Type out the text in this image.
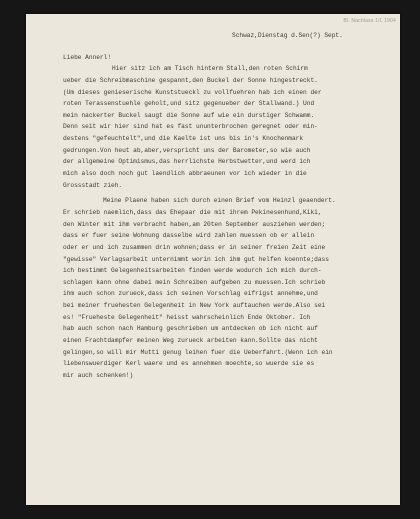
Bl. Nachlass 1/L 1904
Schwaz,Dienstag d.Sen(?) Sept.
Liebe Annerl!
Hier sitz ich am Tisch hinterm Stall,den roten Schirm
ueber die Schreibmaschine gespannt,den Buckel der Sonne hingestreckt.
(Um dieses genieserische Kunststueckl zu vollfuehren hab ich einen der
roten Terassenstuehle geholt,und sitz gegenueber der Stallwand.) Und
mein nackerter Buckel saugt die Sonne auf wie ein durstiger Schwamm.
Denn seit wir hier sind hat es fast ununterbrochen geregnet oder min-
destens "gefeuchtelt",und die Kaelte ist uns bis in's Knochenmark
gedrungen.Von heut ab,aber,verspricht uns der Barometer,so wie auch
der allgemeine Optimismus,das herrlichste Herbstwetter,und werd ich
mich also doch noch gut laendlich abbraeunen vor ich wieder in die
Grossstadt zieh.
Meine Plaene haben sich durch einen Brief vom Heinzl geaendert.
Er schrieb naemlich,dass das Ehepaar die mit ihrem Pekinesenhund,Kiki,
den Winter mit ihm verbracht haben,am 20ten September ausziehen werden;
dass er fuer seine Wohnung dasselbe wird zahlen muessen ob er allein
oder er und ich zusammen drin wohnen;dass er in seiner freien Zeit eine
"gewisse" Verlagsarbeit unternimmt worin ich ihm gut helfen koennte;dass
ich bestimmt Gelegenheitsarbeiten finden werde wodurch ich mich durch-
schlagen kann ohne dabei mein Schreiben aufgeben zu muessen.Ich schrieb
ihm auch schon zurueck,dass ich seinen Vorschlag eifrigst annehme,und
bei meiner fruehesten Gelegenheit in New York auftauchen werde.Also sei
es! "Frueheste Gelegenheit" heisst wahrscheinlich Ende Oktober. Ich
hab auch schon nach Hamburg geschrieben um antdecken ob ich nicht auf
einen Frachtdampfer meinen Weg zurueck arbeiten kann.Sollte das nicht
gelingen,so will mir Mutti genug leihen fuer die Ueberfahrt.(Wenn ich ein
liebenswuerdiger Kerl waere und es annehmen moechte,so wuerde sie es
mir auch schenken!)
